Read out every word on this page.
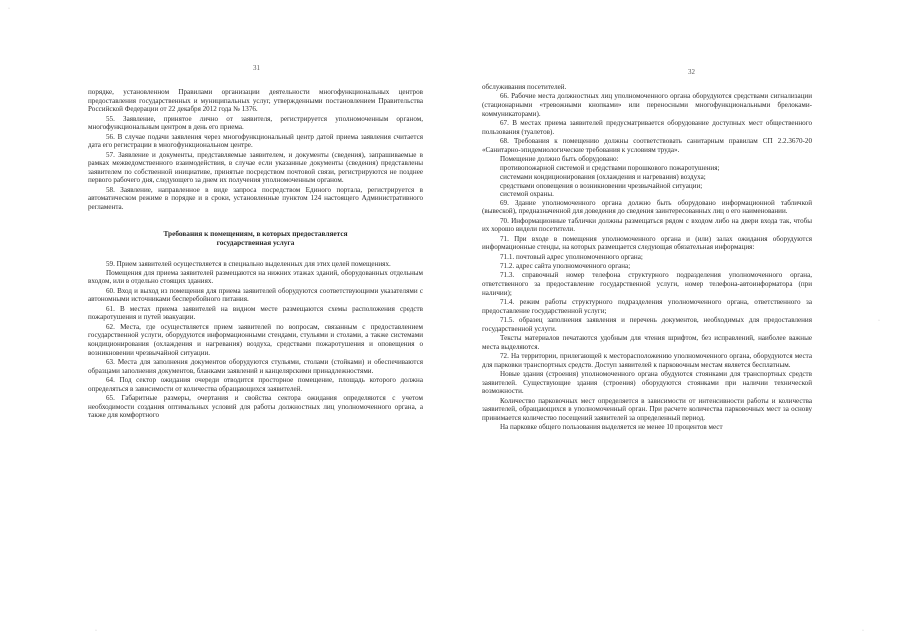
31

порядке, установленном Правилами организации деятельности многофункциональных центров предоставления государственных и муниципальных услуг, утвержденными постановлением Правительства Российской Федерации от 22 декабря 2012 года № 1376.

55. Заявление, принятое лично от заявителя, регистрируется уполномоченным органом, многофункциональным центром в день его приема.

56. В случае подачи заявления через многофункциональный центр датой приема заявления считается дата его регистрации в многофункциональном центре.

57. Заявление и документы, представляемые заявителем, и документы (сведения), запрашиваемые в рамках межведомственного взаимодействия, в случае если указанные документы (сведения) представлены заявителем по собственной инициативе, принятые посредством почтовой связи, регистрируются не позднее первого рабочего дня, следующего за днем их получения уполномоченным органом.

58. Заявление, направленное в виде запроса посредством Единого портала, регистрируется в автоматическом режиме в порядке и в сроки, установленные пунктом 124 настоящего Административного регламента.

Требования к помещениям, в которых предоставляется
государственная услуга

59. Прием заявителей осуществляется в специально выделенных для этих целей помещениях.

Помещения для приема заявителей размещаются на нижних этажах зданий, оборудованных отдельным входом, или в отдельно стоящих зданиях.

60. Вход и выход из помещения для приема заявителей оборудуются соответствующими указателями с автономными источниками бесперебойного питания.

61. В местах приема заявителей на видном месте размещаются схемы расположения средств пожаротушения и путей эвакуации.

62. Места, где осуществляется прием заявителей по вопросам, связанным с предоставлением государственной услуги, оборудуются информационными стендами, стульями и столами, а также системами кондиционирования (охлаждения и нагревания) воздуха, средствами пожаротушения и оповещения о возникновении чрезвычайной ситуации.

63. Места для заполнения документов оборудуются стульями, столами (стойками) и обеспечиваются образцами заполнения документов, бланками заявлений и канцелярскими принадлежностями.

64. Под сектор ожидания очереди отводится просторное помещение, площадь которого должна определяться в зависимости от количества обращающихся заявителей.

65. Габаритные размеры, очертания и свойства сектора ожидания определяются с учетом необходимости создания оптимальных условий для работы должностных лиц уполномоченного органа, а также для комфортного

32

обслуживания посетителей.

66. Рабочие места должностных лиц уполномоченного органа оборудуются средствами сигнализации (стационарными «тревожными кнопками» или переносными многофункциональными брелоками-коммуникаторами).

67. В местах приема заявителей предусматривается оборудование доступных мест общественного пользования (туалетов).

68. Требования к помещению должны соответствовать санитарным правилам СП 2.2.3670-20 «Санитарно-эпидемиологические требования к условиям труда».

Помещение должно быть оборудовано:

противопожарной системой и средствами порошкового пожаротушения;

системами кондиционирования (охлаждения и нагревания) воздуха;

средствами оповещения о возникновении чрезвычайной ситуации;

системой охраны.

69. Здание уполномоченного органа должно быть оборудовано информационной табличкой (вывеской), предназначенной для доведения до сведения заинтересованных лиц о его наименовании.

70. Информационные таблички должны размещаться рядом с входом либо на двери входа так, чтобы их хорошо видели посетители.

71. При входе в помещения уполномоченного органа и (или) залах ожидания оборудуются информационные стенды, на которых размещается следующая обязательная информация:

71.1. почтовый адрес уполномоченного органа;

71.2. адрес сайта уполномоченного органа;

71.3. справочный номер телефона структурного подразделения уполномоченного органа, ответственного за предоставление государственной услуги, номер телефона-автоинформатора (при наличии);

71.4. режим работы структурного подразделения уполномоченного органа, ответственного за предоставление государственной услуги;

71.5. образец заполнения заявления и перечень документов, необходимых для предоставления государственной услуги.

Тексты материалов печатаются удобным для чтения шрифтом, без исправлений, наиболее важные места выделяются.

72. На территории, прилегающей к месторасположению уполномоченного органа, оборудуются места для парковки транспортных средств. Доступ заявителей к парковочным местам является бесплатным.

Новые здания (строения) уполномоченного органа обудуются стоянками для транспортных средств заявителей. Существующие здания (строения) оборудуются стоянками при наличии технической возможности.

Количество парковочных мест определяется в зависимости от интенсивности работы и количества заявителей, обращающихся в уполномоченный орган. При расчете количества парковочных мест за основу принимается количество посещений заявителей за определенный период.

На парковке общего пользования выделяется не менее 10 процентов мест

·
·
·	·
